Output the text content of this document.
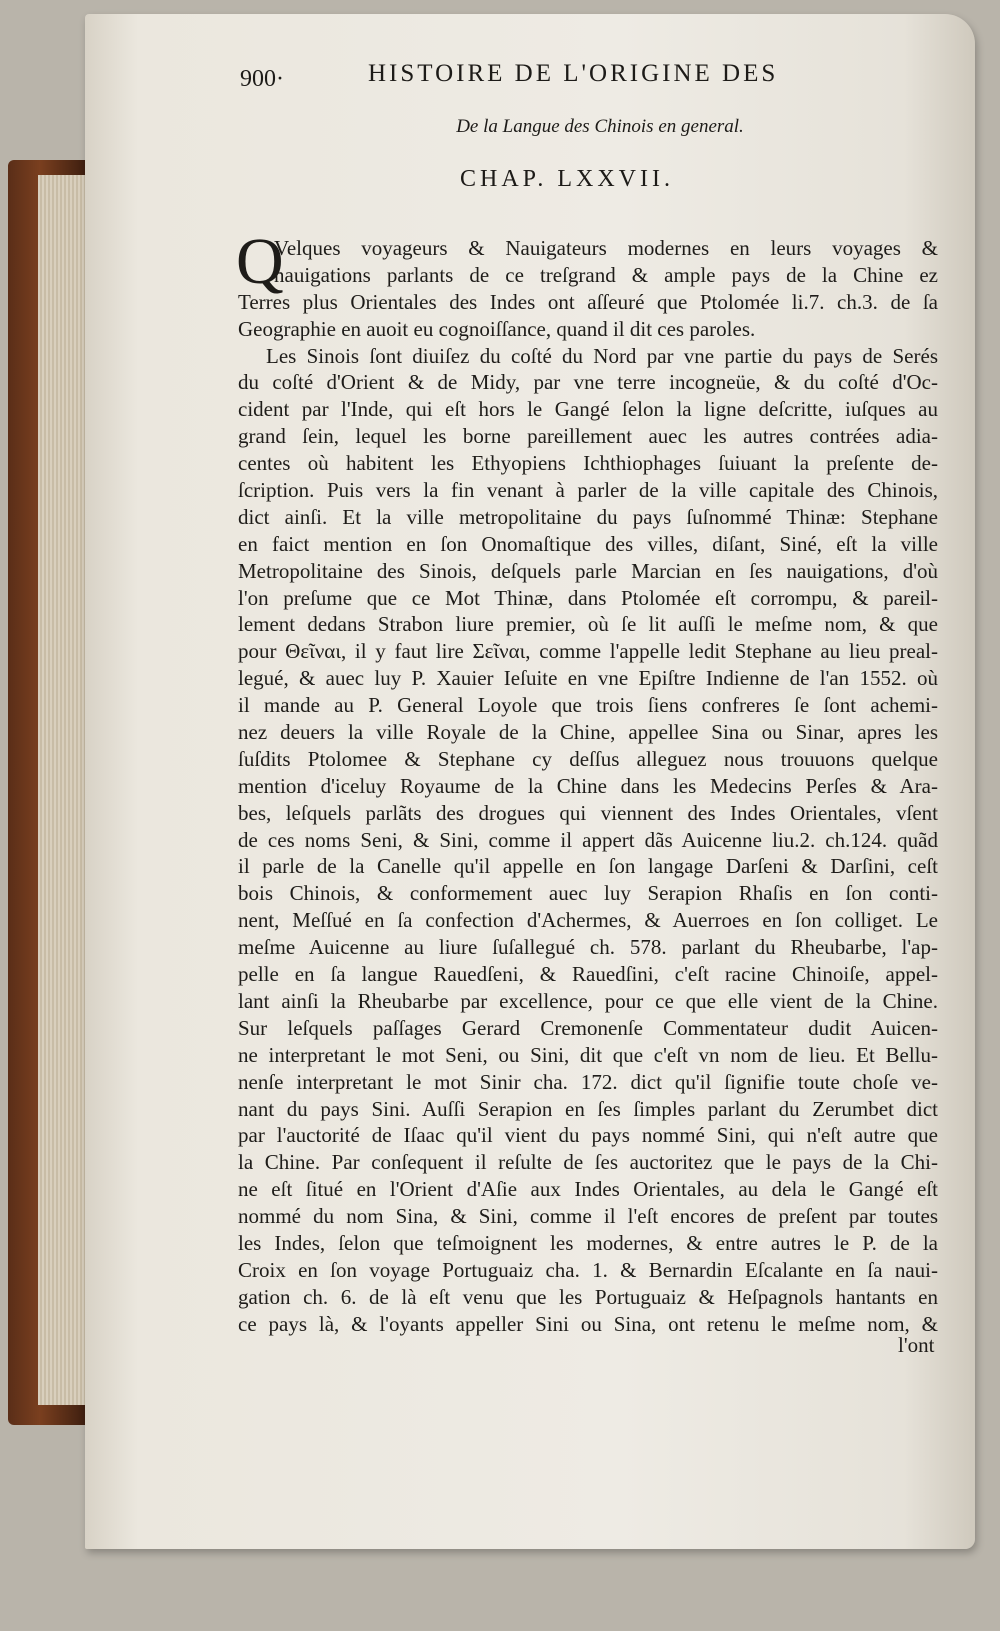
900·	HISTOIRE DE L'ORIGINE DES
De la Langue des Chinois en general.
CHAP. LXXVII.
Q
Velques voyageurs & Nauigateurs modernes en leurs voyages &
nauigations parlants de ce treſgrand & ample pays de la Chine ez
Terres plus Orientales des Indes ont aſſeuré que Ptolomée li.7. ch.3. de ſa
Geographie en auoit eu cognoiſſance, quand il dit ces paroles.
Les Sinois ſont diuiſez du coſté du Nord par vne partie du pays de Serés
du coſté d'Orient & de Midy, par vne terre incogneüe, & du coſté d'Oc-
cident par l'Inde, qui eſt hors le Gangé ſelon la ligne deſcritte, iuſques au
grand ſein, lequel les borne pareillement auec les autres contrées adia-
centes où habitent les Ethyopiens Ichthiophages ſuiuant la preſente de-
ſcription. Puis vers la fin venant à parler de la ville capitale des Chinois,
dict ainſi. Et la ville metropolitaine du pays ſuſnommé Thinæ: Stephane
en faict mention en ſon Onomaſtique des villes, diſant, Siné, eſt la ville
Metropolitaine des Sinois, deſquels parle Marcian en ſes nauigations, d'où
l'on preſume que ce Mot Thinæ, dans Ptolomée eſt corrompu, & pareil-
lement dedans Strabon liure premier, où ſe lit auſſi le meſme nom, & que
pour Θεῖναι, il y faut lire Σεῖναι, comme l'appelle ledit Stephane au lieu preal-
legué, & auec luy P. Xauier Ieſuite en vne Epiſtre Indienne de l'an 1552. où
il mande au P. General Loyole que trois ſiens confreres ſe ſont achemi-
nez deuers la ville Royale de la Chine, appellee Sina ou Sinar, apres les
ſuſdits Ptolomee & Stephane cy deſſus alleguez nous trouuons quelque
mention d'iceluy Royaume de la Chine dans les Medecins Perſes & Ara-
bes, leſquels parlãts des drogues qui viennent des Indes Orientales, vſent
de ces noms Seni, & Sini, comme il appert dãs Auicenne liu.2. ch.124. quãd
il parle de la Canelle qu'il appelle en ſon langage Darſeni & Darſini, ceſt
bois Chinois, & conformement auec luy Serapion Rhaſis en ſon conti-
nent, Meſſué en ſa confection d'Achermes, & Auerroes en ſon colliget. Le
meſme Auicenne au liure ſuſallegué ch. 578. parlant du Rheubarbe, l'ap-
pelle en ſa langue Rauedſeni, & Rauedſini, c'eſt racine Chinoiſe, appel-
lant ainſi la Rheubarbe par excellence, pour ce que elle vient de la Chine.
Sur leſquels paſſages Gerard Cremonenſe Commentateur dudit Auicen-
ne interpretant le mot Seni, ou Sini, dit que c'eſt vn nom de lieu. Et Bellu-
nenſe interpretant le mot Sinir cha. 172. dict qu'il ſignifie toute choſe ve-
nant du pays Sini. Auſſi Serapion en ſes ſimples parlant du Zerumbet dict
par l'auctorité de Iſaac qu'il vient du pays nommé Sini, qui n'eſt autre que
la Chine. Par conſequent il reſulte de ſes auctoritez que le pays de la Chi-
ne eſt ſitué en l'Orient d'Aſie aux Indes Orientales, au dela le Gangé eſt
nommé du nom Sina, & Sini, comme il l'eſt encores de preſent par toutes
les Indes, ſelon que teſmoignent les modernes, & entre autres le P. de la
Croix en ſon voyage Portuguaiz cha. 1. & Bernardin Eſcalante en ſa naui-
gation ch. 6. de là eſt venu que les Portuguaiz & Heſpagnols hantants en
ce pays là, & l'oyants appeller Sini ou Sina, ont retenu le meſme nom, &
l'ont
